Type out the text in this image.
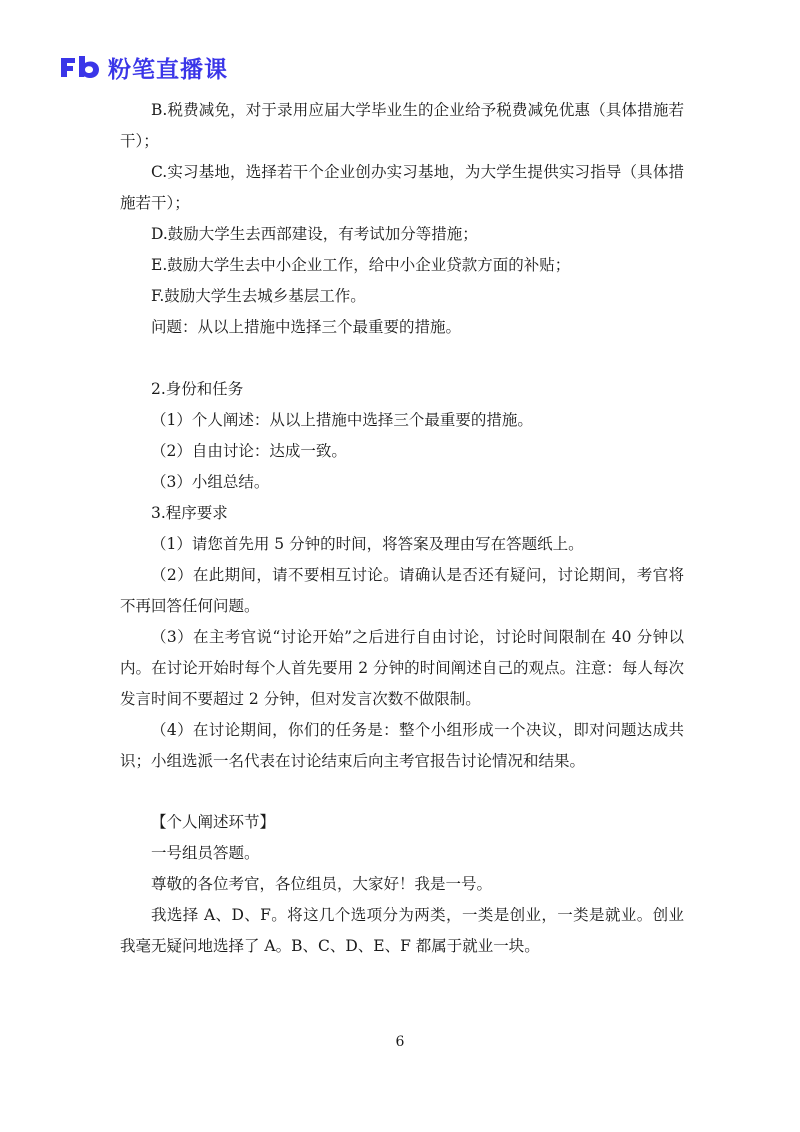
粉笔直播课

B.税费减免，对于录用应届大学毕业生的企业给予税费减免优惠（具体措施若干）；

C.实习基地，选择若干个企业创办实习基地，为大学生提供实习指导（具体措施若干）；

D.鼓励大学生去西部建设，有考试加分等措施；

E.鼓励大学生去中小企业工作，给中小企业贷款方面的补贴；

F.鼓励大学生去城乡基层工作。

问题：从以上措施中选择三个最重要的措施。

2.身份和任务

（1）个人阐述：从以上措施中选择三个最重要的措施。

（2）自由讨论：达成一致。

（3）小组总结。

3.程序要求

（1）请您首先用 5 分钟的时间，将答案及理由写在答题纸上。

（2）在此期间，请不要相互讨论。请确认是否还有疑问，讨论期间，考官将不再回答任何问题。

（3）在主考官说“讨论开始”之后进行自由讨论，讨论时间限制在 40 分钟以内。在讨论开始时每个人首先要用 2 分钟的时间阐述自己的观点。注意：每人每次发言时间不要超过 2 分钟，但对发言次数不做限制。

（4）在讨论期间，你们的任务是：整个小组形成一个决议，即对问题达成共识；小组选派一名代表在讨论结束后向主考官报告讨论情况和结果。

【个人阐述环节】

一号组员答题。

尊敬的各位考官，各位组员，大家好！我是一号。

我选择 A、D、F。将这几个选项分为两类，一类是创业，一类是就业。创业我毫无疑问地选择了 A。B、C、D、E、F 都属于就业一块。

6
